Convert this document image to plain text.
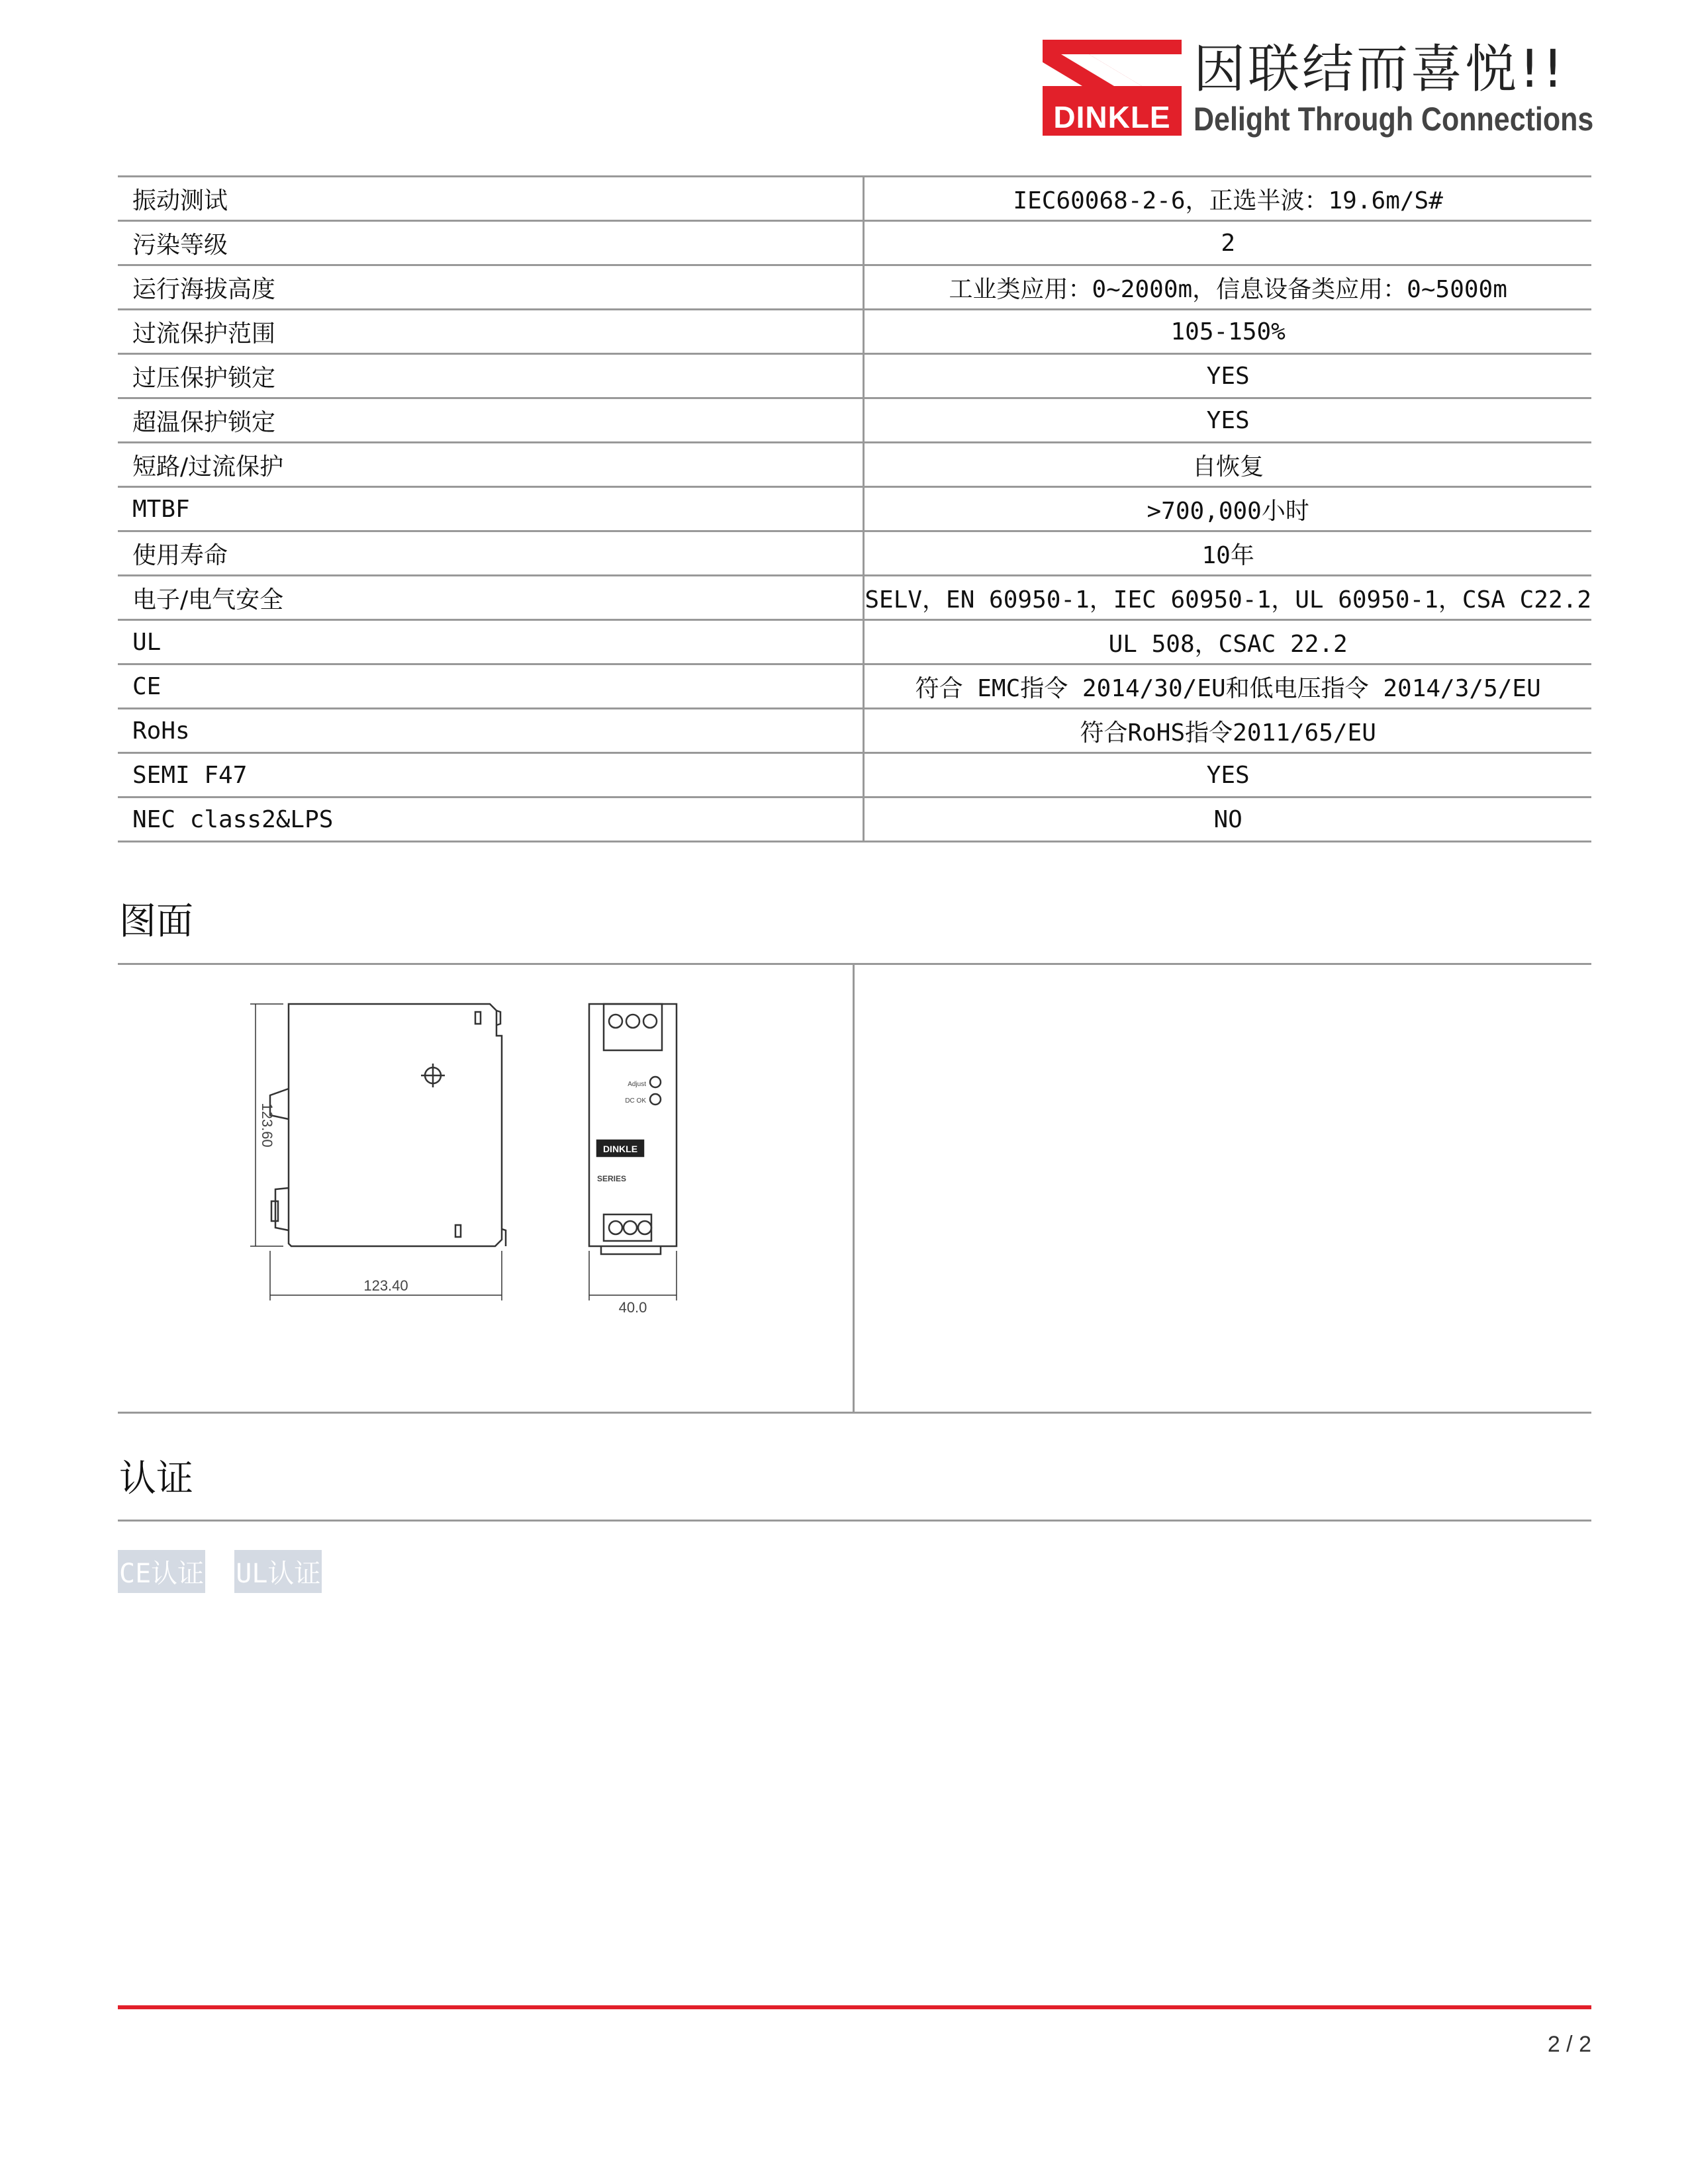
DINKLE
因联结而喜悦!!
Delight Through Connections
振动测试	IEC60068-2-6，正选半波：19.6m/S#
污染等级	2
运行海拔高度	工业类应用：0~2000m，信息设备类应用：0~5000m
过流保护范围	105-150%
过压保护锁定	YES
超温保护锁定	YES
短路/过流保护	自恢复
MTBF	>700,000小时
使用寿命	10年
电子/电气安全	SELV，EN 60950-1，IEC 60950-1，UL 60950-1，CSA C22.2
UL	UL 508，CSAC 22.2
CE	符合 EMC指令 2014/30/EU和低电压指令 2014/3/5/EU
RoHs	符合RoHS指令2011/65/EU
SEMI F47	YES
NEC class2&LPS	NO
图面
123.60
123.40
40.0
Adjust
DC OK
DINKLE
SERIES
认证
CE认证 UL认证
2 / 2
